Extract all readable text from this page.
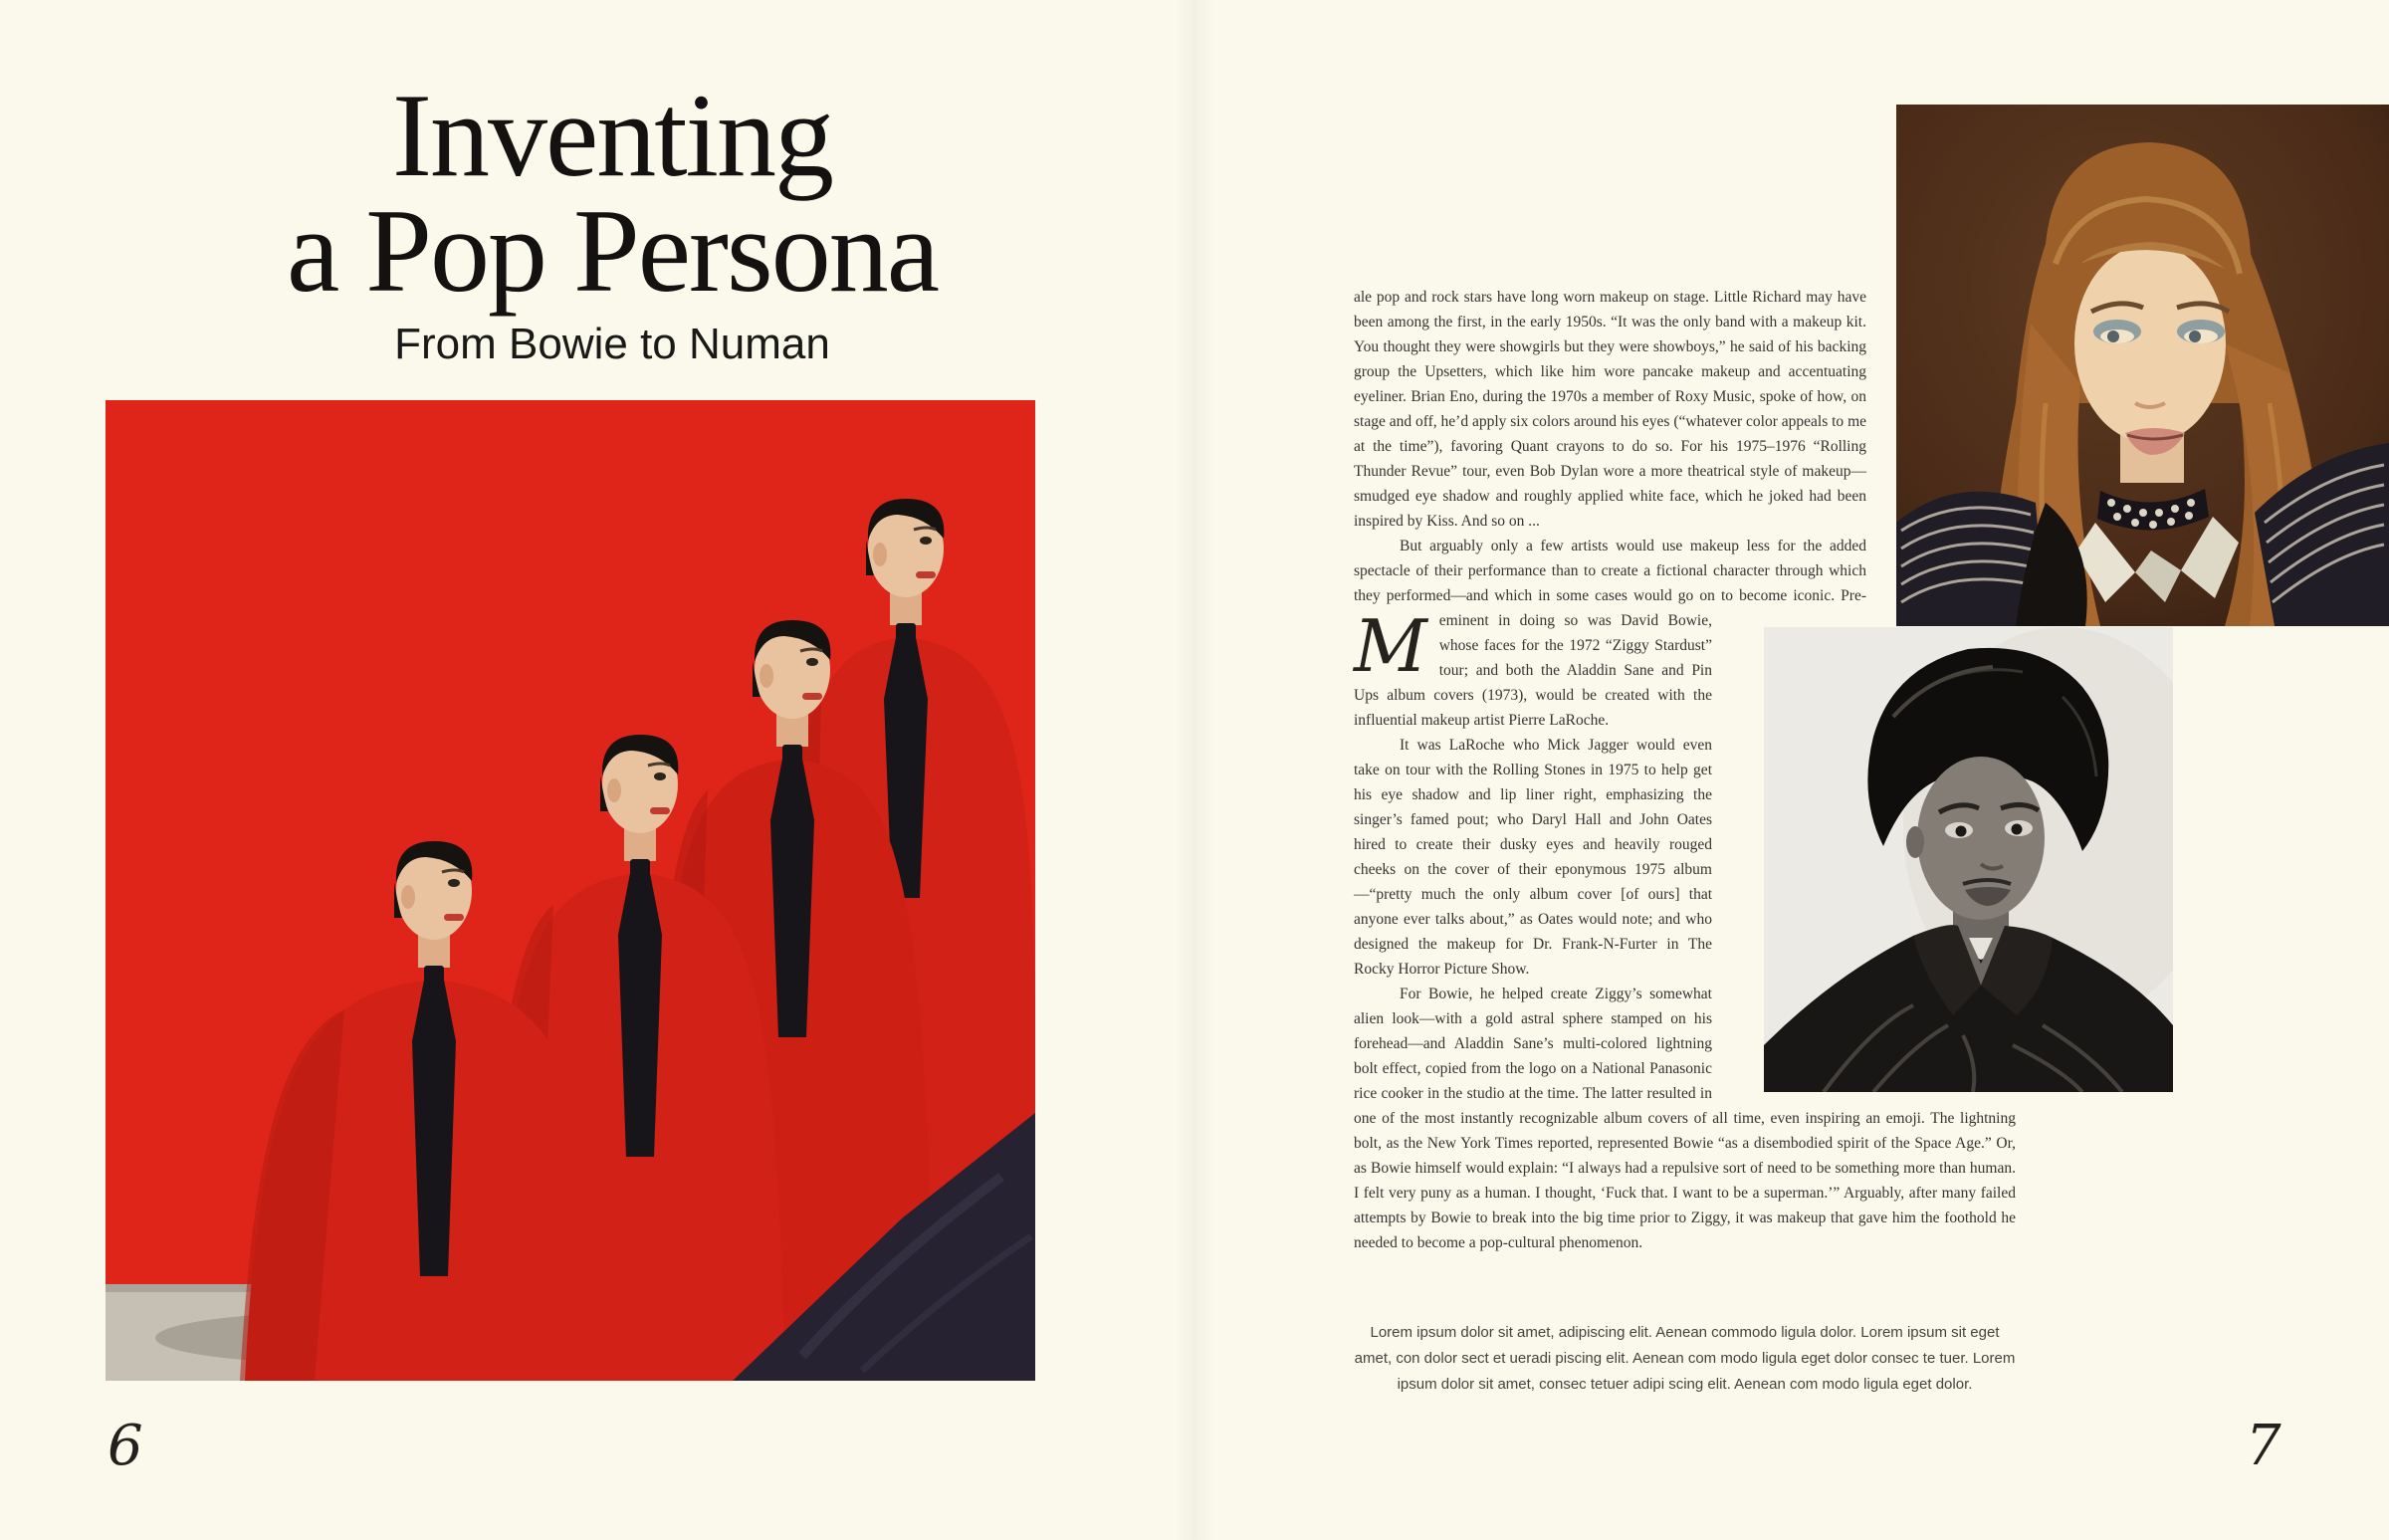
Inventing
a Pop Persona
From Bowie to Numan
6

M
ale pop and rock stars have long worn makeup on stage. Little Richard may have been among the first, in the early 1950s. “It was the only band with a makeup kit. You thought they were showgirls but they were showboys,” he said of his backing group the Upsetters, which like him wore pancake makeup and accentuating eyeliner. Brian Eno, during the 1970s a member of Roxy Music, spoke of how, on stage and off, he’d apply six colors around his eyes (“whatever color appeals to me at the time”), favoring Quant crayons to do so. For his 1975–1976 “Rolling Thunder Revue” tour, even Bob Dylan wore a more theatrical style of makeup—smudged eye shadow and roughly applied white face, which he joked had been inspired by Kiss. And so on ...

But arguably only a few artists would use makeup less for the added spectacle of their performance than to create a fictional character through which they performed—and which in some cases would go on to become iconic. Pre-eminent in doing so was David Bowie, whose faces for the 1972 “Ziggy Stardust” tour; and both the Aladdin Sane and Pin Ups album covers (1973), would be created with the influential makeup artist Pierre LaRoche.

It was LaRoche who Mick Jagger would even take on tour with the Rolling Stones in 1975 to help get his eye shadow and lip liner right, emphasizing the singer’s famed pout; who Daryl Hall and John Oates hired to create their dusky eyes and heavily rouged cheeks on the cover of their eponymous 1975 album—“pretty much the only album cover [of ours] that anyone ever talks about,” as Oates would note; and who designed the makeup for Dr. Frank-N-Furter in The Rocky Horror Picture Show.

For Bowie, he helped create Ziggy’s somewhat alien look—with a gold astral sphere stamped on his forehead—and Aladdin Sane’s multi-colored lightning bolt effect, copied from the logo on a National Panasonic rice cooker in the studio at the time. The latter resulted in one of the most instantly recognizable album covers of all time, even inspiring an emoji. The lightning bolt, as the New York Times reported, represented Bowie “as a disembodied spirit of the Space Age.” Or, as Bowie himself would explain: “I always had a repulsive sort of need to be something more than human. I felt very puny as a human. I thought, ‘Fuck that. I want to be a superman.’” Arguably, after many failed attempts by Bowie to break into the big time prior to Ziggy, it was makeup that gave him the foothold he needed to become a pop-cultural phenomenon.

Lorem ipsum dolor sit amet, adipiscing elit. Aenean commodo ligula dolor. Lorem ipsum sit eget amet, con dolor sect et ueradi piscing elit. Aenean com modo ligula eget dolor consec te tuer. Lorem ipsum dolor sit amet, consec tetuer adipi scing elit. Aenean com modo ligula eget dolor.
7
